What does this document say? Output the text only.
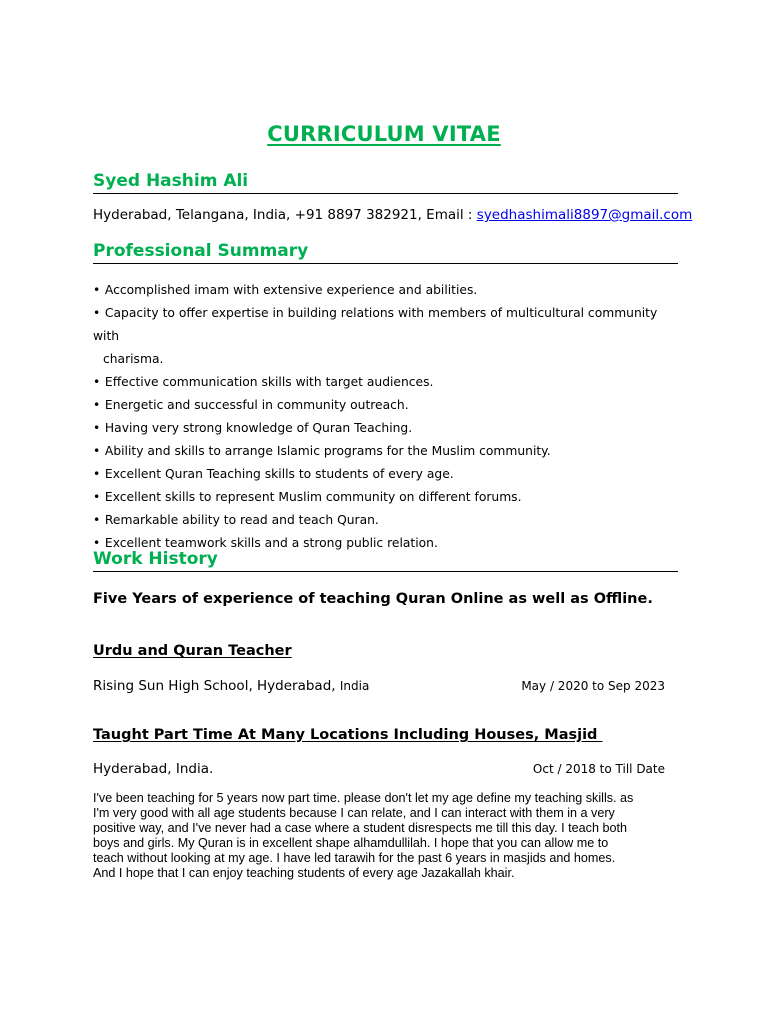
CURRICULUM VITAE
Syed Hashim Ali
Hyderabad, Telangana, India, +91 8897 382921, Email : syedhashimali8897@gmail.com
Professional Summary
• Accomplished imam with extensive experience and abilities.
• Capacity to offer expertise in building relations with members of multicultural community with
charisma.
• Effective communication skills with target audiences.
• Energetic and successful in community outreach.
• Having very strong knowledge of Quran Teaching.
• Ability and skills to arrange Islamic programs for the Muslim community.
• Excellent Quran Teaching skills to students of every age.
• Excellent skills to represent Muslim community on different forums.
• Remarkable ability to read and teach Quran.
• Excellent teamwork skills and a strong public relation.
Work History
Five Years of experience of teaching Quran Online as well as Offline.
Urdu and Quran Teacher
Rising Sun High School, Hyderabad, India	May / 2020 to Sep 2023
Taught Part Time At Many Locations Including Houses, Masjid
Hyderabad, India.	Oct / 2018 to Till Date
I've been teaching for 5 years now part time. please don't let my age define my teaching skills. as
I'm very good with all age students because I can relate, and I can interact with them in a very
positive way, and I've never had a case where a student disrespects me till this day. I teach both
boys and girls. My Quran is in excellent shape alhamdullilah. I hope that you can allow me to
teach without looking at my age. I have led tarawih for the past 6 years in masjids and homes.
And I hope that I can enjoy teaching students of every age Jazakallah khair.
